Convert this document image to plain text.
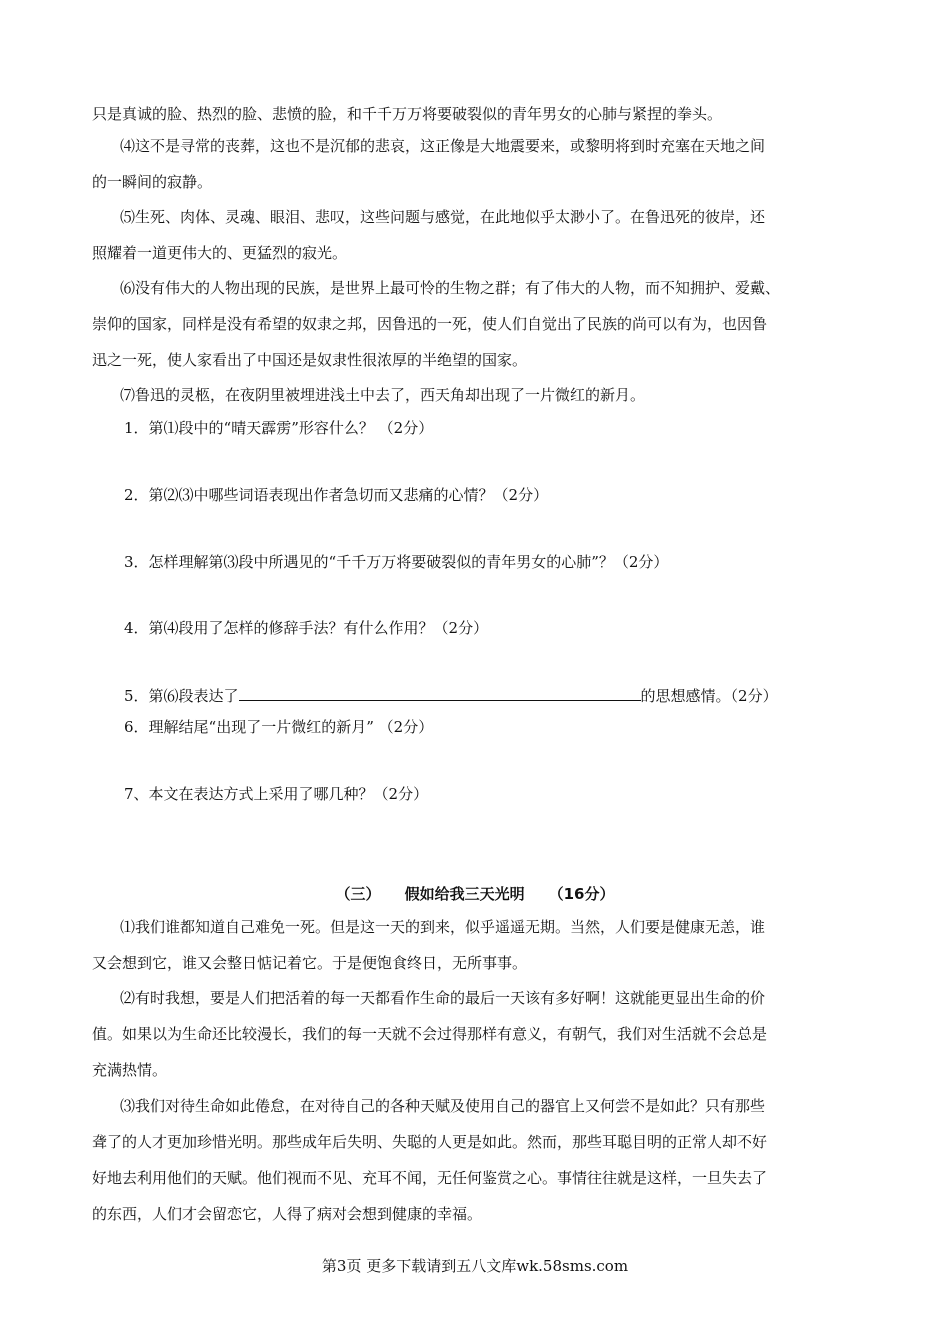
只是真诚的脸、热烈的脸、悲愤的脸，和千千万万将要破裂似的青年男女的心肺与紧捏的拳头。
⑷这不是寻常的丧葬，这也不是沉郁的悲哀，这正像是大地震要来，或黎明将到时充塞在天地之间
的一瞬间的寂静。
⑸生死、肉体、灵魂、眼泪、悲叹，这些问题与感觉，在此地似乎太渺小了。在鲁迅死的彼岸，还
照耀着一道更伟大的、更猛烈的寂光。
⑹没有伟大的人物出现的民族，是世界上最可怜的生物之群；有了伟大的人物，而不知拥护、爱戴、
崇仰的国家，同样是没有希望的奴隶之邦，因鲁迅的一死，使人们自觉出了民族的尚可以有为，也因鲁
迅之一死，使人家看出了中国还是奴隶性很浓厚的半绝望的国家。
⑺鲁迅的灵柩，在夜阴里被埋进浅土中去了，西天角却出现了一片微红的新月。
1．第⑴段中的“晴天霹雳”形容什么？ （2分）
2．第⑵⑶中哪些词语表现出作者急切而又悲痛的心情？（2分）
3．怎样理解第⑶段中所遇见的“千千万万将要破裂似的青年男女的心肺”？（2分）
4．第⑷段用了怎样的修辞手法？有什么作用？（2分）
5．第⑹段表达了	的思想感情。（2分）
6．理解结尾“出现了一片微红的新月” （2分）
7、本文在表达方式上采用了哪几种？（2分）
（三） 假如给我三天光明 （16分）
⑴我们谁都知道自己难免一死。但是这一天的到来，似乎遥遥无期。当然，人们要是健康无恙，谁
又会想到它，谁又会整日惦记着它。于是便饱食终日，无所事事。
⑵有时我想，要是人们把活着的每一天都看作生命的最后一天该有多好啊！这就能更显出生命的价
值。如果以为生命还比较漫长，我们的每一天就不会过得那样有意义，有朝气，我们对生活就不会总是
充满热情。
⑶我们对待生命如此倦怠，在对待自己的各种天赋及使用自己的器官上又何尝不是如此？只有那些
聋了的人才更加珍惜光明。那些成年后失明、失聪的人更是如此。然而，那些耳聪目明的正常人却不好
好地去利用他们的天赋。他们视而不见、充耳不闻，无任何鉴赏之心。事情往往就是这样，一旦失去了
的东西，人们才会留恋它，人得了病对会想到健康的幸福。
第3页 更多下载请到五八文库wk.58sms.com
